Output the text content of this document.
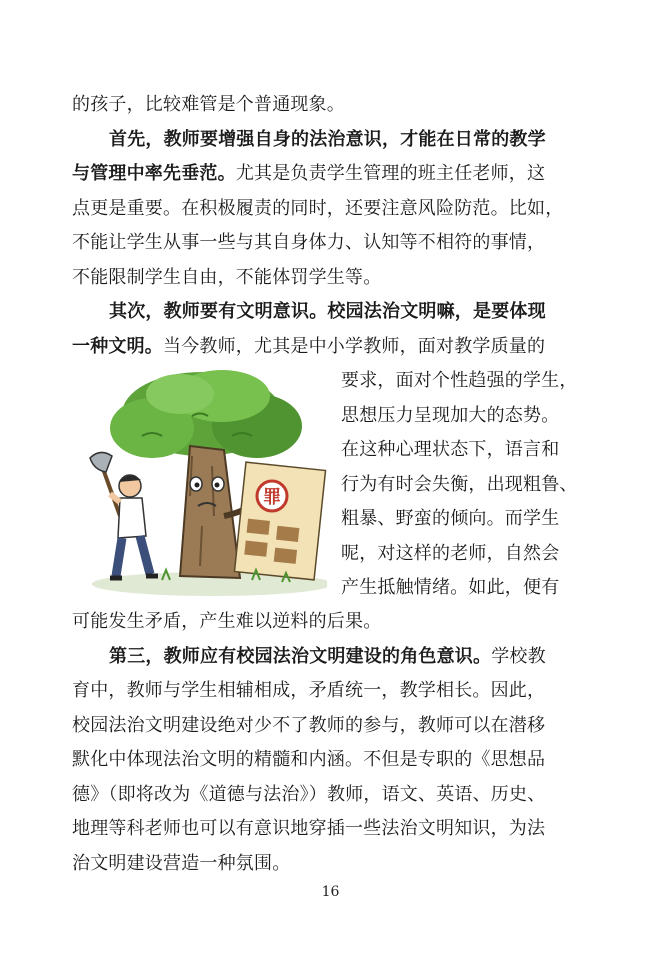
的孩子，比较难管是个普通现象。
首先，教师要增强自身的法治意识，才能在日常的教学
与管理中率先垂范。尤其是负责学生管理的班主任老师，这
点更是重要。在积极履责的同时，还要注意风险防范。比如，
不能让学生从事一些与其自身体力、认知等不相符的事情，
不能限制学生自由，不能体罚学生等。
其次，教师要有文明意识。校园法治文明嘛，是要体现
一种文明。当今教师，尤其是中小学教师，面对教学质量的
罪
要求，面对个性趋强的学生，
思想压力呈现加大的态势。
在这种心理状态下，语言和
行为有时会失衡，出现粗鲁、
粗暴、野蛮的倾向。而学生
呢，对这样的老师，自然会
产生抵触情绪。如此，便有
可能发生矛盾，产生难以逆料的后果。
第三，教师应有校园法治文明建设的角色意识。学校教
育中，教师与学生相辅相成，矛盾统一，教学相长。因此，
校园法治文明建设绝对少不了教师的参与，教师可以在潜移
默化中体现法治文明的精髓和内涵。不但是专职的《思想品
德》（即将改为《道德与法治》）教师，语文、英语、历史、
地理等科老师也可以有意识地穿插一些法治文明知识，为法
治文明建设营造一种氛围。
16
